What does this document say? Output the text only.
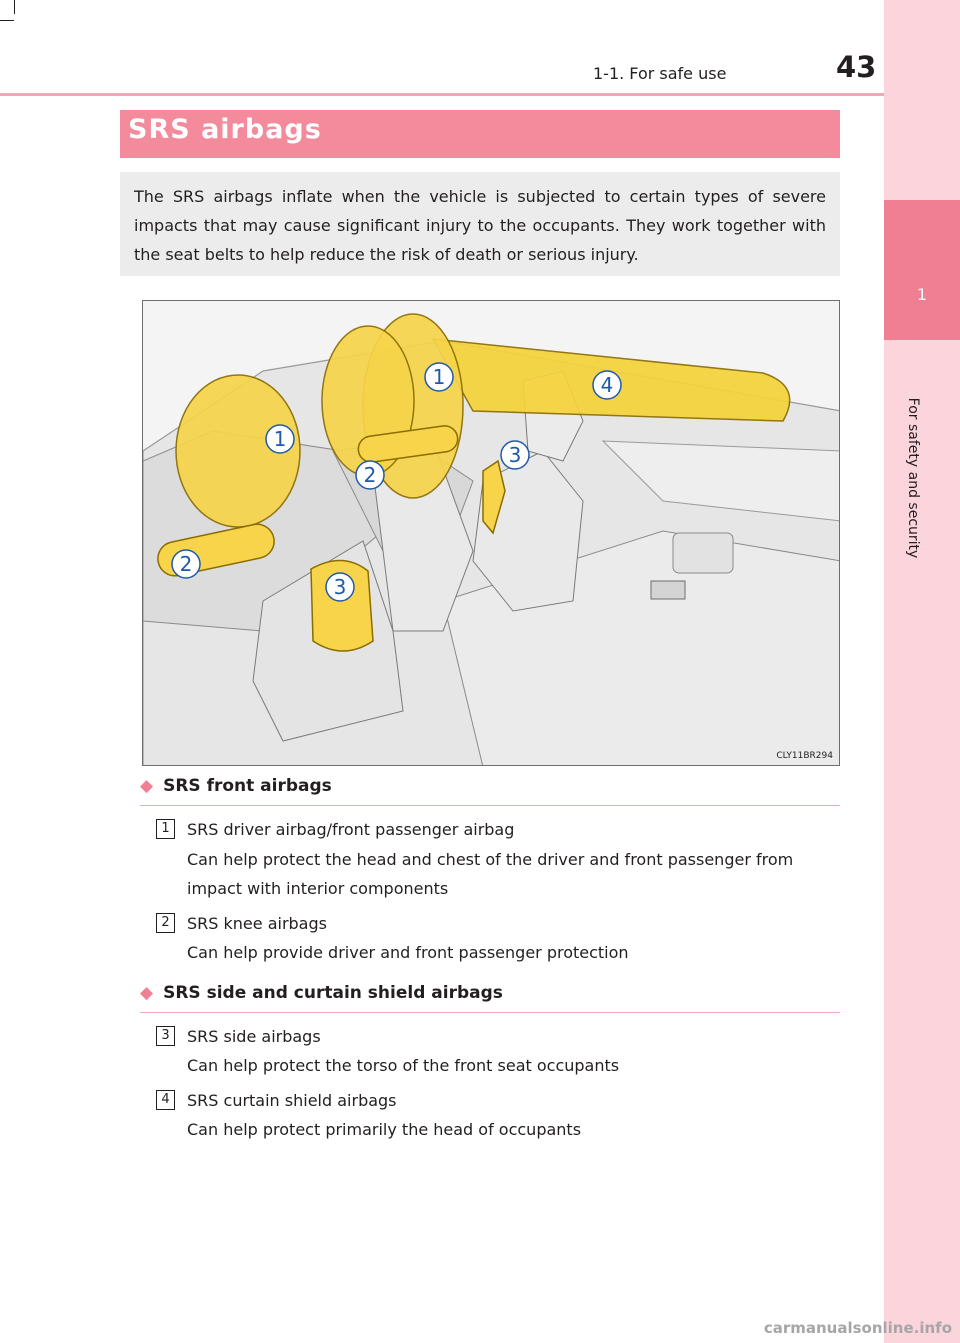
1
For safety and security
1-1. For safe use	43
SRS airbags
The SRS airbags inflate when the vehicle is subjected to certain types of severe impacts that may cause significant injury to the occupants. They work together with the seat belts to help reduce the risk of death or serious injury.
1
1
2
2
3
3
4
CLY11BR294
◆ SRS front airbags
1	SRS driver airbag/front passenger airbag
Can help protect the head and chest of the driver and front passenger from impact with interior components
2	SRS knee airbags
Can help provide driver and front passenger protection
◆ SRS side and curtain shield airbags
3	SRS side airbags
Can help protect the torso of the front seat occupants
4	SRS curtain shield airbags
Can help protect primarily the head of occupants
carmanualsonline.info
